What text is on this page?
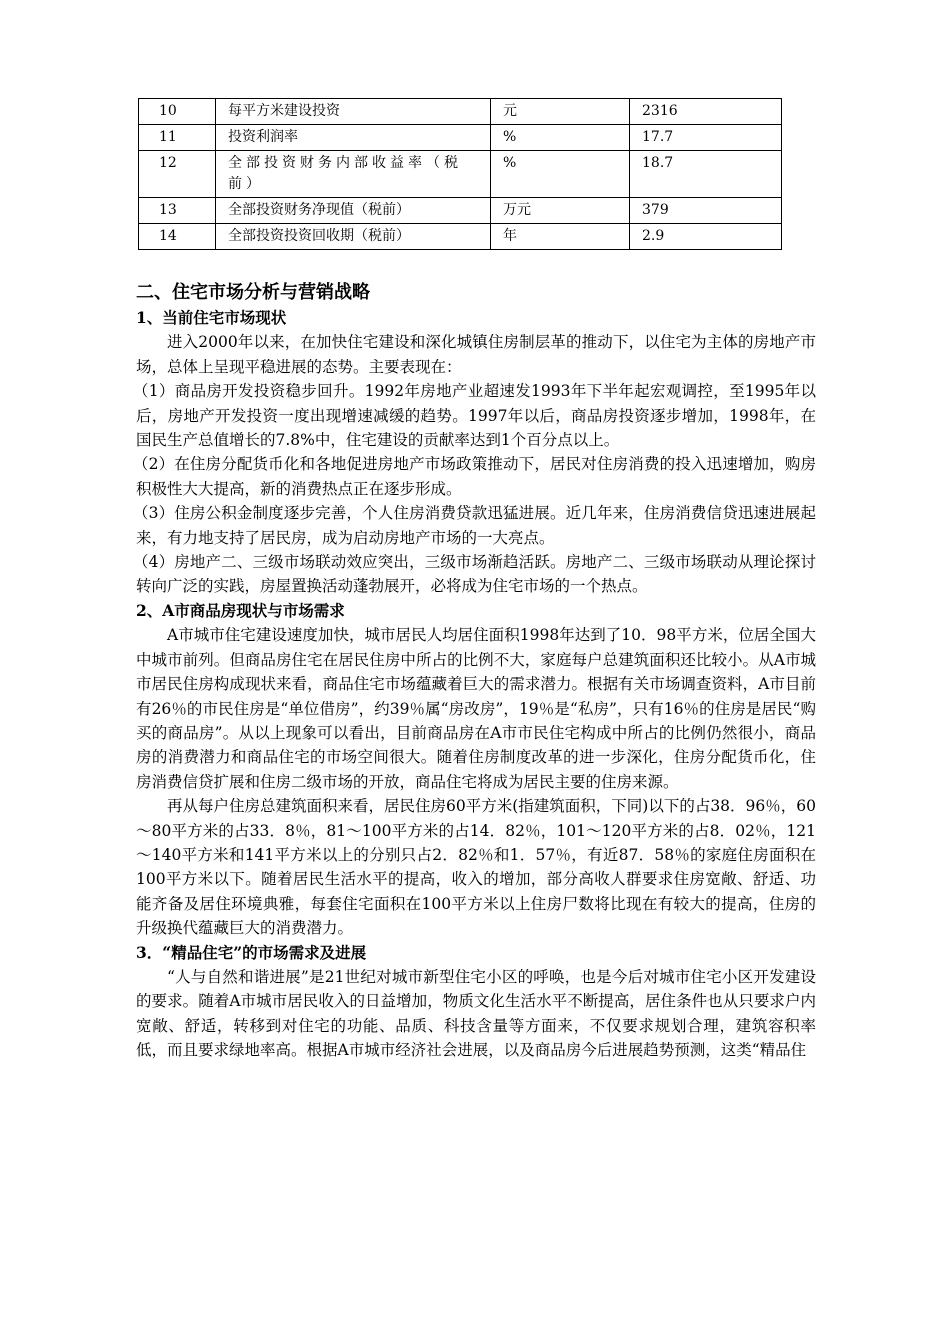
10	每平方米建设投资	元	2316
11	投资利润率	%	17.7
12	全部投资财务内部收益率（税前）	%	18.7
13	全部投资财务净现值（税前）	万元	379
14	全部投资投资回收期（税前）	年	2.9

二、住宅市场分析与营销战略

1、当前住宅市场现状

进入2000年以来，在加快住宅建设和深化城镇住房制层革的推动下，以住宅为主体的房地产市场，总体上呈现平稳进展的态势。主要表现在：

（1）商品房开发投资稳步回升。1992年房地产业超速发1993年下半年起宏观调控，至1995年以后，房地产开发投资一度出现增速减缓的趋势。1997年以后，商品房投资逐步增加，1998年，在国民生产总值增长的7.8%中，住宅建设的贡献率达到1个百分点以上。

（2）在住房分配货币化和各地促进房地产市场政策推动下，居民对住房消费的投入迅速增加，购房积极性大大提高，新的消费热点正在逐步形成。

（3）住房公积金制度逐步完善，个人住房消费贷款迅猛进展。近几年来，住房消费信贷迅速进展起来，有力地支持了居民房，成为启动房地产市场的一大亮点。

（4）房地产二、三级市场联动效应突出，三级市场渐趋活跃。房地产二、三级市场联动从理论探讨转向广泛的实践，房屋置换活动蓬勃展开，必将成为住宅市场的一个热点。

2、A市商品房现状与市场需求

A市城市住宅建设速度加快，城市居民人均居住面积1998年达到了10．98平方米，位居全国大中城市前列。但商品房住宅在居民住房中所占的比例不大，家庭每户总建筑面积还比较小。从A市城市居民住房构成现状来看，商品住宅市场蕴藏着巨大的需求潜力。根据有关市场调查资料，A市目前有26％的市民住房是“单位借房”，约39％属“房改房”，19％是“私房”，只有16％的住房是居民“购买的商品房”。从以上现象可以看出，目前商品房在A市市民住宅构成中所占的比例仍然很小，商品房的消费潜力和商品住宅的市场空间很大。随着住房制度改革的进一步深化，住房分配货币化，住房消费信贷扩展和住房二级市场的开放，商品住宅将成为居民主要的住房来源。

再从每户住房总建筑面积来看，居民住房60平方米(指建筑面积，下同)以下的占38．96％，60～80平方米的占33．8％，81～100平方米的占14．82％，101～120平方米的占8．02％，121～140平方米和141平方米以上的分别只占2．82％和1．57％，有近87．58％的家庭住房面积在100平方米以下。随着居民生活水平的提高，收入的增加，部分高收人群要求住房宽敞、舒适、功能齐备及居住环境典雅，每套住宅面积在100平方米以上住房尸数将比现在有较大的提高，住房的升级换代蕴藏巨大的消费潜力。

3．“精品住宅”的市场需求及进展

“人与自然和谐进展”是21世纪对城市新型住宅小区的呼唤，也是今后对城市住宅小区开发建设的要求。随着A市城市居民收入的日益增加，物质文化生活水平不断提高，居住条件也从只要求户内宽敞、舒适，转移到对住宅的功能、品质、科技含量等方面来，不仅要求规划合理，建筑容积率低，而且要求绿地率高。根据A市城市经济社会进展，以及商品房今后进展趋势预测，这类“精品住
